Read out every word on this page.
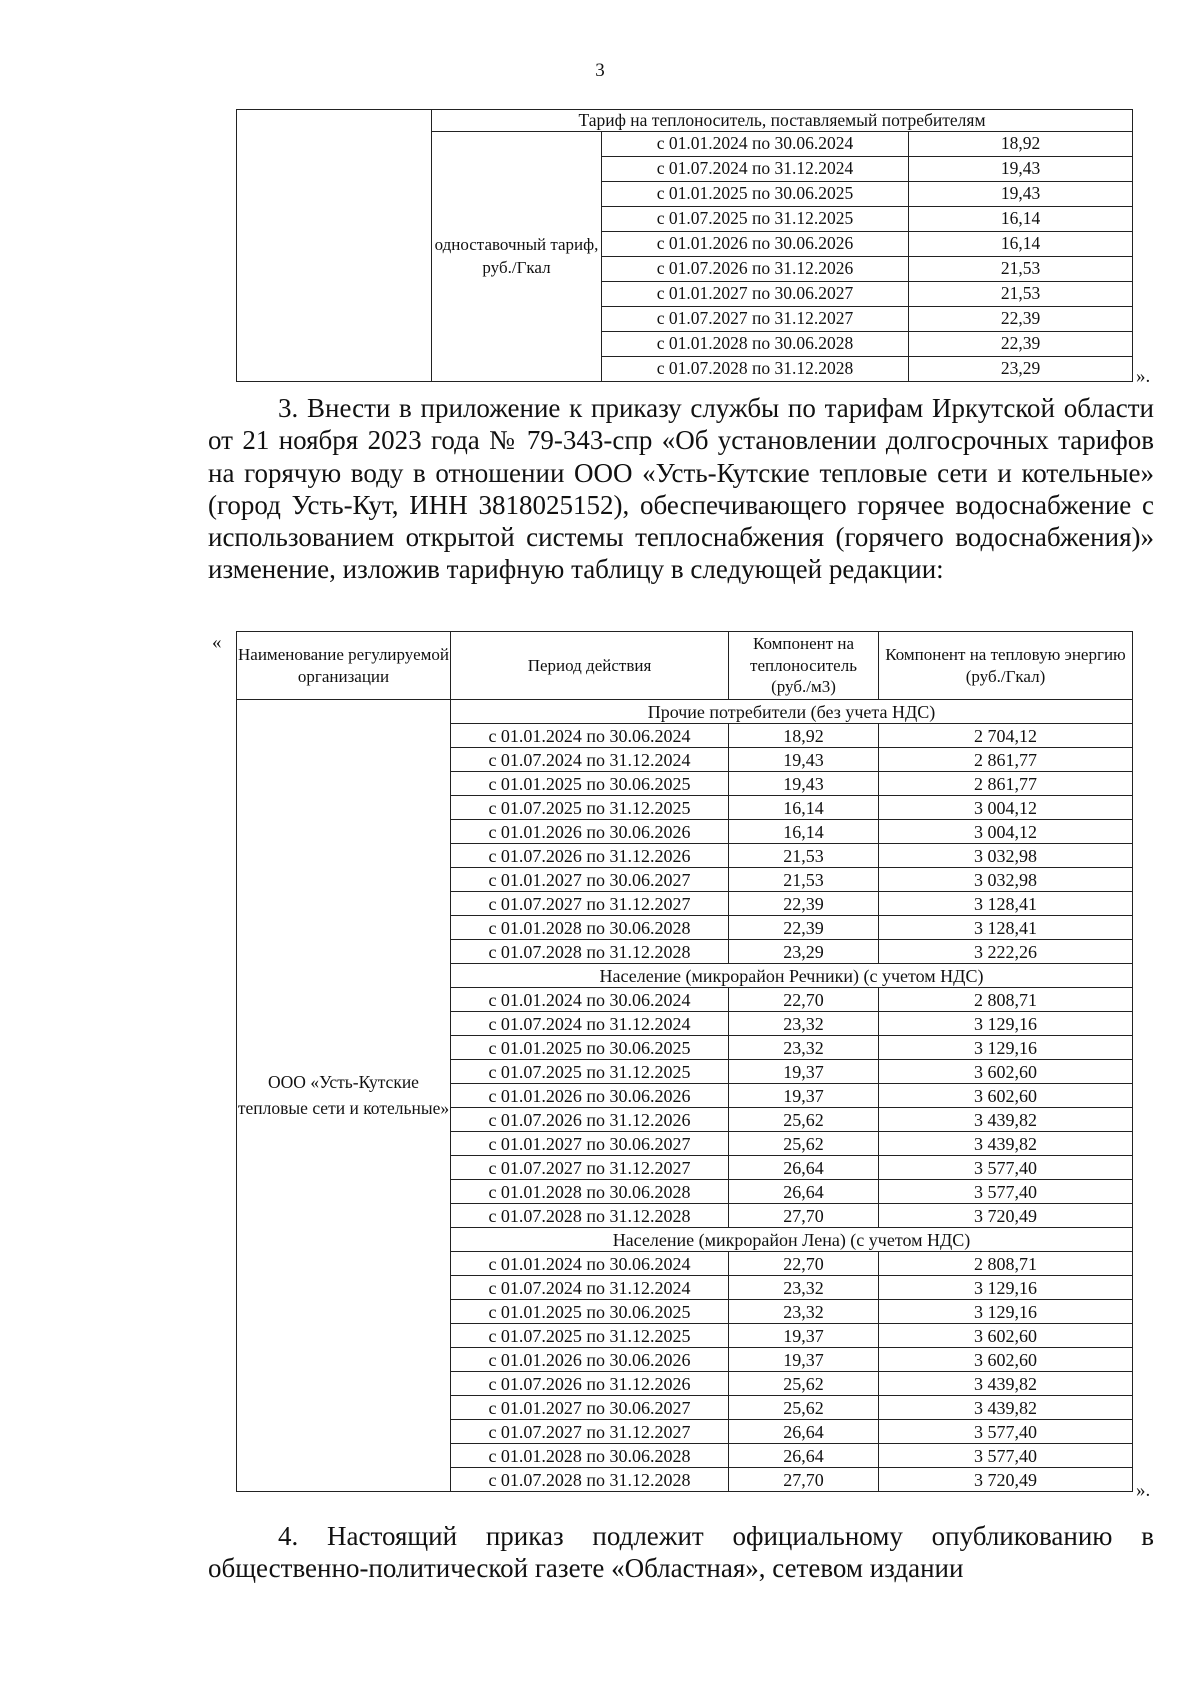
3
	Тариф на теплоноситель, поставляемый потребителям		
	одноставочный тариф, руб./Гкал	с 01.01.2024 по 30.06.2024	18,92
		с 01.07.2024 по 31.12.2024	19,43
		с 01.01.2025 по 30.06.2025	19,43
		с 01.07.2025 по 31.12.2025	16,14
		с 01.01.2026 по 30.06.2026	16,14
		с 01.07.2026 по 31.12.2026	21,53
		с 01.01.2027 по 30.06.2027	21,53
		с 01.07.2027 по 31.12.2027	22,39
		с 01.01.2028 по 30.06.2028	22,39
		с 01.07.2028 по 31.12.2028	23,29	».

3. Внести в приложение к приказу службы по тарифам Иркутской области от 21 ноября 2023 года № 79-343-спр «Об установлении долгосрочных тарифов на горячую воду в отношении ООО «Усть-Кутские тепловые сети и котельные» (город Усть-Кут, ИНН 3818025152), обеспечивающего горячее водоснабжение с использованием открытой системы теплоснабжения (горячего водоснабжения)» изменение, изложив тарифную таблицу в следующей редакции:

«
Наименование регулируемой организации	Период действия	Компонент на теплоноситель (руб./м3)	Компонент на тепловую энергию (руб./Гкал)
ООО «Усть-Кутские тепловые сети и котельные»	Прочие потребители (без учета НДС)		
	с 01.01.2024 по 30.06.2024	18,92	2 704,12
	с 01.07.2024 по 31.12.2024	19,43	2 861,77
	с 01.01.2025 по 30.06.2025	19,43	2 861,77
	с 01.07.2025 по 31.12.2025	16,14	3 004,12
	с 01.01.2026 по 30.06.2026	16,14	3 004,12
	с 01.07.2026 по 31.12.2026	21,53	3 032,98
	с 01.01.2027 по 30.06.2027	21,53	3 032,98
	с 01.07.2027 по 31.12.2027	22,39	3 128,41
	с 01.01.2028 по 30.06.2028	22,39	3 128,41
	с 01.07.2028 по 31.12.2028	23,29	3 222,26
	Население (микрорайон Речники) (с учетом НДС)		
	с 01.01.2024 по 30.06.2024	22,70	2 808,71
	с 01.07.2024 по 31.12.2024	23,32	3 129,16
	с 01.01.2025 по 30.06.2025	23,32	3 129,16
	с 01.07.2025 по 31.12.2025	19,37	3 602,60
	с 01.01.2026 по 30.06.2026	19,37	3 602,60
	с 01.07.2026 по 31.12.2026	25,62	3 439,82
	с 01.01.2027 по 30.06.2027	25,62	3 439,82
	с 01.07.2027 по 31.12.2027	26,64	3 577,40
	с 01.01.2028 по 30.06.2028	26,64	3 577,40
	с 01.07.2028 по 31.12.2028	27,70	3 720,49
	Население (микрорайон Лена) (с учетом НДС)		
	с 01.01.2024 по 30.06.2024	22,70	2 808,71
	с 01.07.2024 по 31.12.2024	23,32	3 129,16
	с 01.01.2025 по 30.06.2025	23,32	3 129,16
	с 01.07.2025 по 31.12.2025	19,37	3 602,60
	с 01.01.2026 по 30.06.2026	19,37	3 602,60
	с 01.07.2026 по 31.12.2026	25,62	3 439,82
	с 01.01.2027 по 30.06.2027	25,62	3 439,82
	с 01.07.2027 по 31.12.2027	26,64	3 577,40
	с 01.01.2028 по 30.06.2028	26,64	3 577,40
	с 01.07.2028 по 31.12.2028	27,70	3 720,49
».

4. Настоящий приказ подлежит официальному опубликованию в общественно-политической газете «Областная», сетевом издании
